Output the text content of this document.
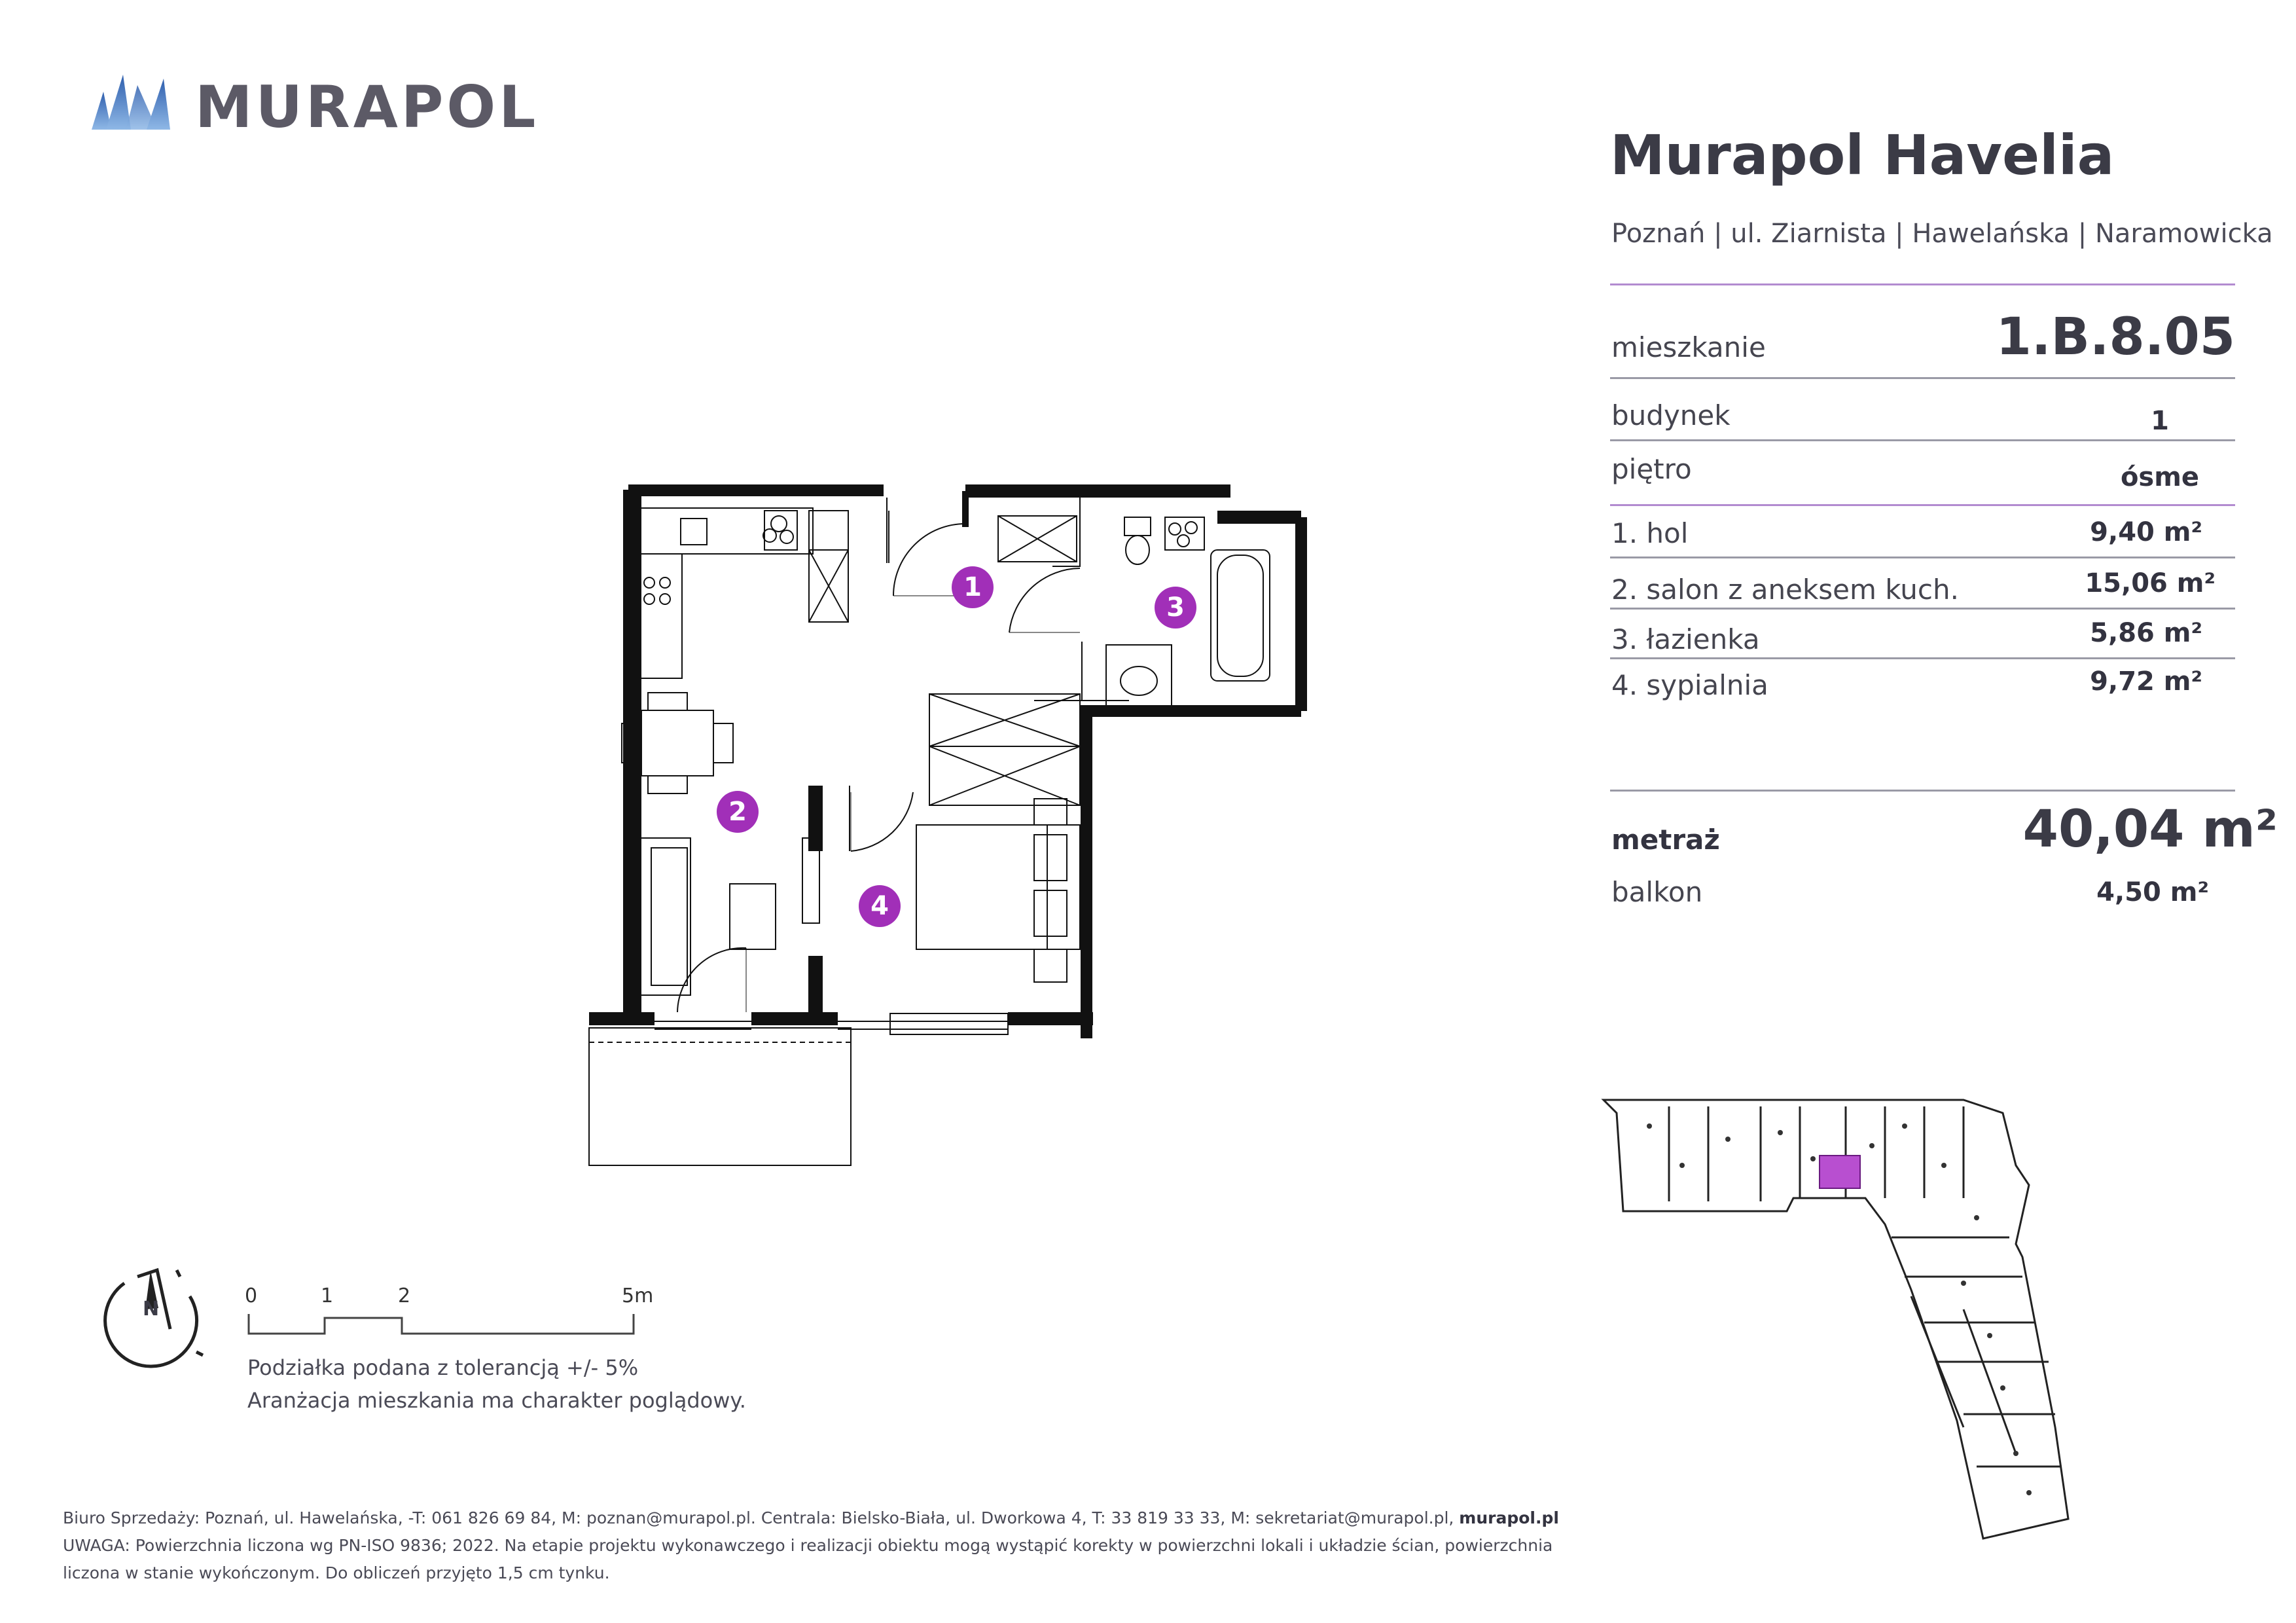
MURAPOL
Murapol Havelia
Poznań | ul. Ziarnista | Hawelańska | Naramowicka
mieszkanie	1.B.8.05
budynek	1
piętro	ósme
1. hol	9,40 m²
2. salon z aneksem kuch.	15,06 m²
3. łazienka	5,86 m²
4. sypialnia	9,72 m²
metraż	40,04 m²
balkon	4,50 m²
1
2
3
4
N
0	1	2	5m
Podziałka podana z tolerancją +/- 5%
Aranżacja mieszkania ma charakter poglądowy.
Biuro Sprzedaży: Poznań, ul. Hawelańska, -T: 061 826 69 84, M: poznan@murapol.pl. Centrala: Bielsko-Biała, ul. Dworkowa 4, T: 33 819 33 33, M: sekretariat@murapol.pl, murapol.pl
UWAGA: Powierzchnia liczona wg PN-ISO 9836; 2022. Na etapie projektu wykonawczego i realizacji obiektu mogą wystąpić korekty w powierzchni lokali i układzie ścian, powierzchnia
liczona w stanie wykończonym. Do obliczeń przyjęto 1,5 cm tynku.
